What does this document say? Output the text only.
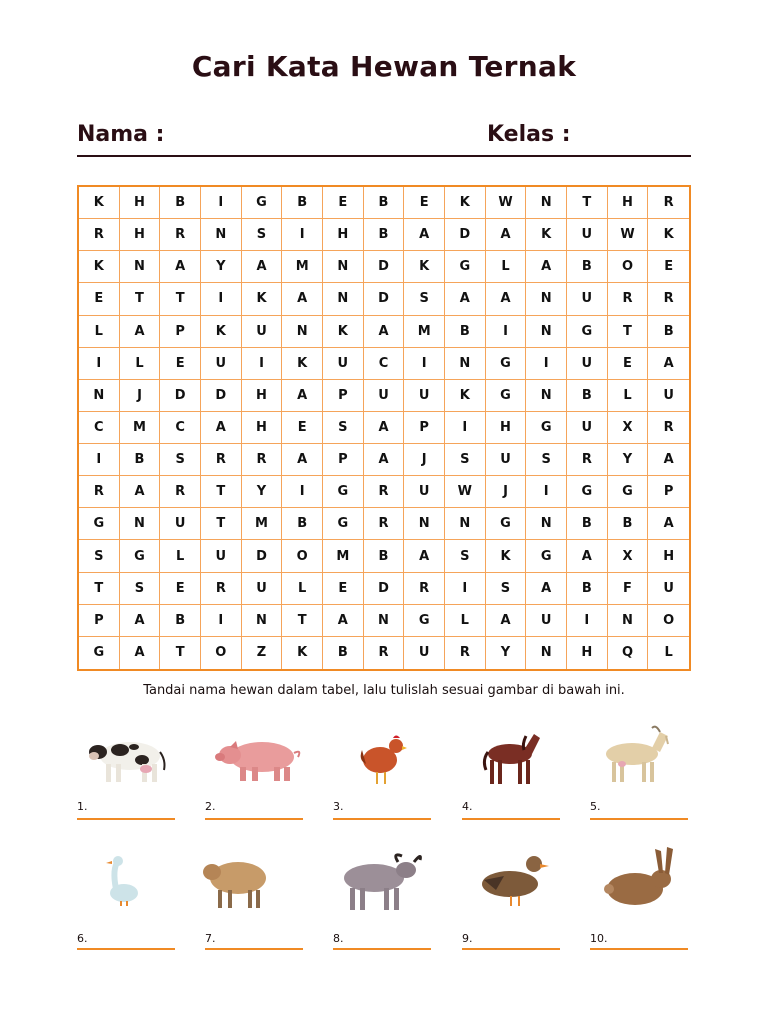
Cari Kata Hewan Ternak
Nama :	Kelas :
K	H	B	I	G	B	E	B	E	K	W	N	T	H	R
R	H	R	N	S	I	H	B	A	D	A	K	U	W	K
K	N	A	Y	A	M	N	D	K	G	L	A	B	O	E
E	T	T	I	K	A	N	D	S	A	A	N	U	R	R
L	A	P	K	U	N	K	A	M	B	I	N	G	T	B
I	L	E	U	I	K	U	C	I	N	G	I	U	E	A
N	J	D	D	H	A	P	U	U	K	G	N	B	L	U
C	M	C	A	H	E	S	A	P	I	H	G	U	X	R
I	B	S	R	R	A	P	A	J	S	U	S	R	Y	A
R	A	R	T	Y	I	G	R	U	W	J	I	G	G	P
G	N	U	T	M	B	G	R	N	N	G	N	B	B	A
S	G	L	U	D	O	M	B	A	S	K	G	A	X	H
T	S	E	R	U	L	E	D	R	I	S	A	B	F	U
P	A	B	I	N	T	A	N	G	L	A	U	I	N	O
G	A	T	O	Z	K	B	R	U	R	Y	N	H	Q	L
Tandai nama hewan dalam tabel, lalu tulislah sesuai gambar di bawah ini.
1.	2.	3.	4.	5.
6.	7.	8.	9.	10.
